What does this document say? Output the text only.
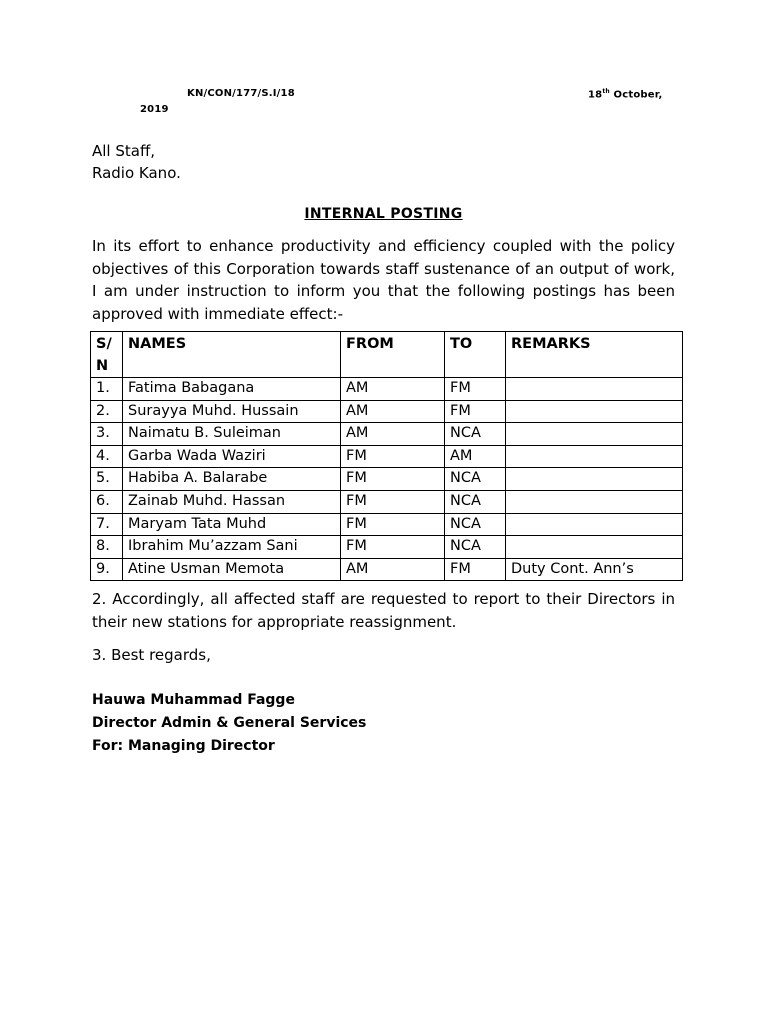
KN/CON/177/S.I/18	18th October,
2019
All Staff,
Radio Kano.
INTERNAL POSTING

In its effort to enhance productivity and efficiency coupled with the policy objectives of this Corporation towards staff sustenance of an output of work, I am under instruction to inform you that the following postings has been approved with immediate effect:-

S/N	NAMES	FROM	TO	REMARKS
1.	Fatima Babagana	AM	FM	
2.	Surayya Muhd. Hussain	AM	FM	
3.	Naimatu B. Suleiman	AM	NCA	
4.	Garba Wada Waziri	FM	AM	
5.	Habiba A. Balarabe	FM	NCA	
6.	Zainab Muhd. Hassan	FM	NCA	
7.	Maryam Tata Muhd	FM	NCA	
8.	Ibrahim Mu’azzam Sani	FM	NCA	
9.	Atine Usman Memota	AM	FM	Duty Cont. Ann’s

2. Accordingly, all affected staff are requested to report to their Directors in their new stations for appropriate reassignment.

3. Best regards,

Hauwa Muhammad Fagge
Director Admin & General Services
For: Managing Director
